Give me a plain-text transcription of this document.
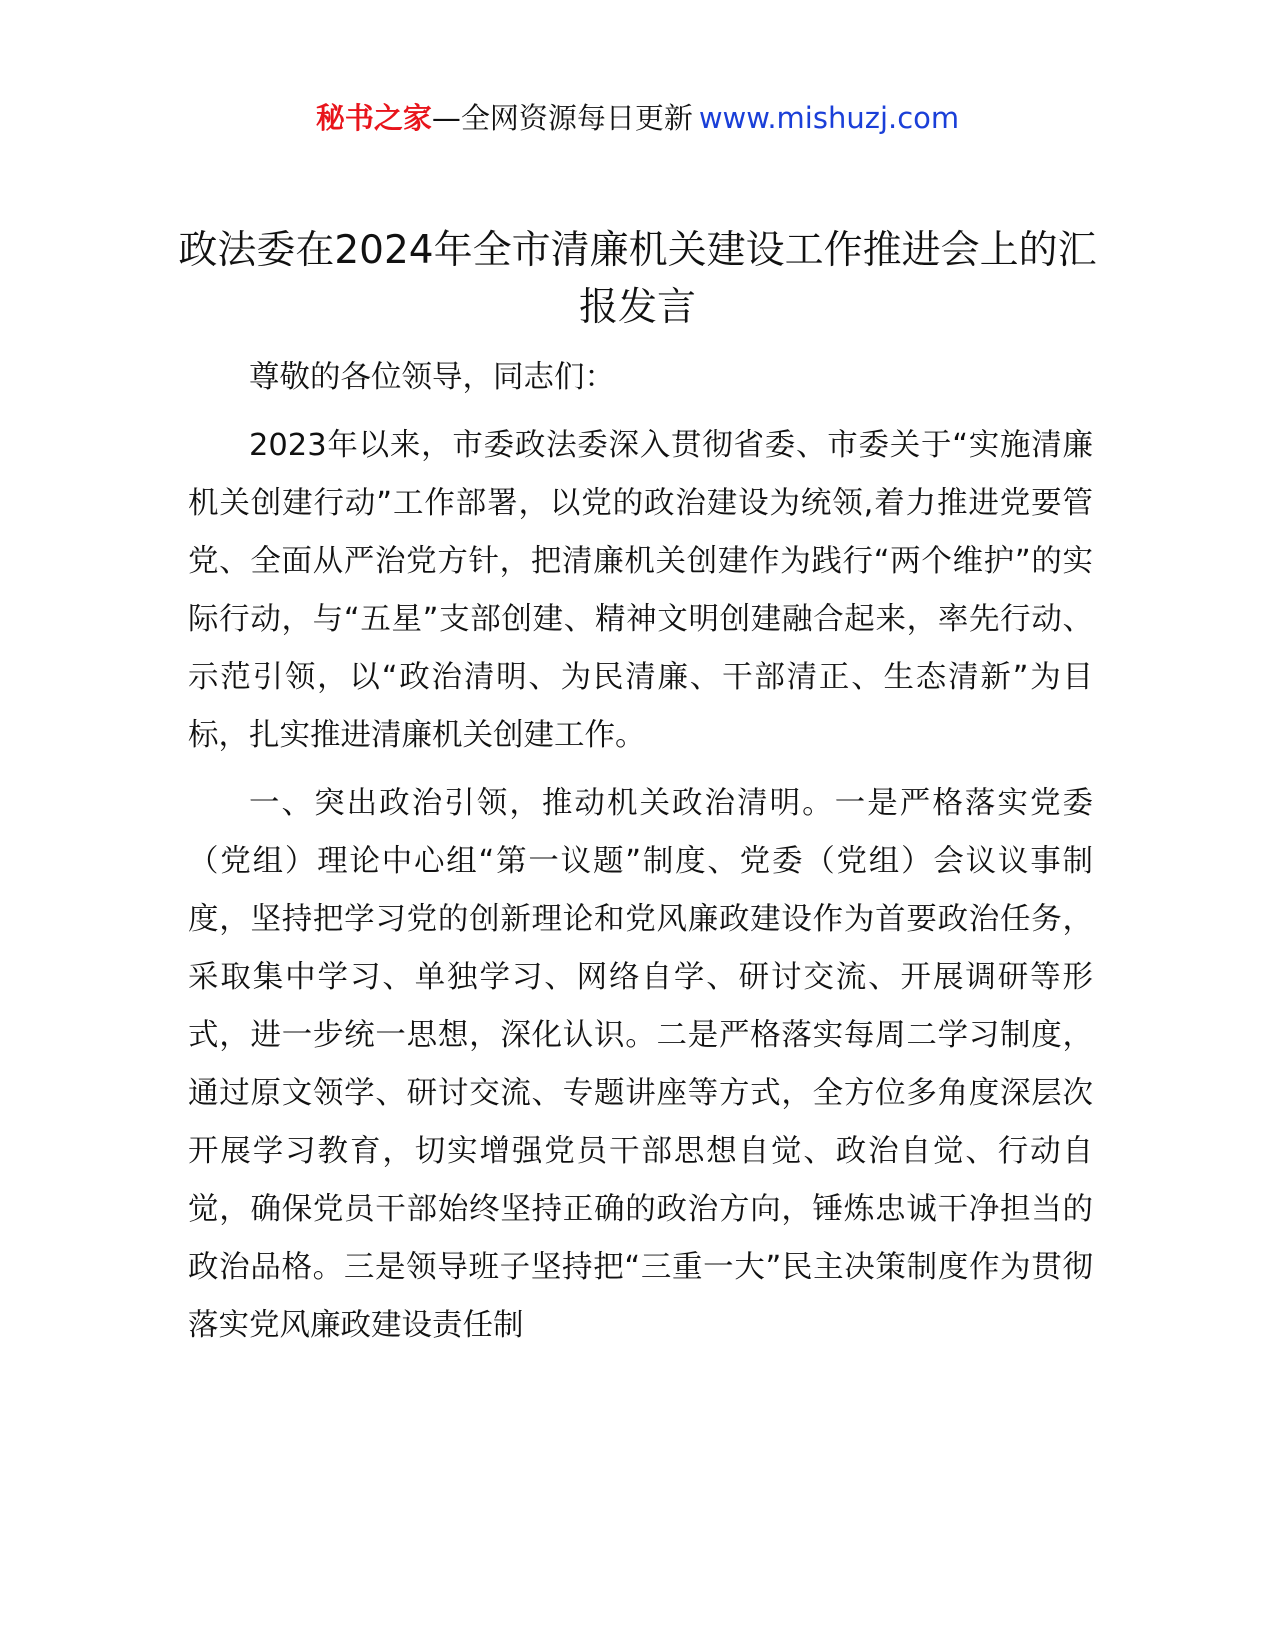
秘书之家—全网资源每日更新 www.mishuzj.com
政法委在2024年全市清廉机关建设工作推进会上的汇报发言

尊敬的各位领导，同志们：

2023年以来，市委政法委深入贯彻省委、市委关于“实施清廉机关创建行动”工作部署，以党的政治建设为统领,着力推进党要管党、全面从严治党方针，把清廉机关创建作为践行“两个维护”的实际行动，与“五星”支部创建、精神文明创建融合起来，率先行动、示范引领，以“政治清明、为民清廉、干部清正、生态清新”为目标，扎实推进清廉机关创建工作。

一、突出政治引领，推动机关政治清明。一是严格落实党委（党组）理论中心组“第一议题”制度、党委（党组）会议议事制度，坚持把学习党的创新理论和党风廉政建设作为首要政治任务，采取集中学习、单独学习、网络自学、研讨交流、开展调研等形式，进一步统一思想，深化认识。二是严格落实每周二学习制度，通过原文领学、研讨交流、专题讲座等方式，全方位多角度深层次开展学习教育，切实增强党员干部思想自觉、政治自觉、行动自觉，确保党员干部始终坚持正确的政治方向，锤炼忠诚干净担当的政治品格。三是领导班子坚持把“三重一大”民主决策制度作为贯彻落实党风廉政建设责任制
